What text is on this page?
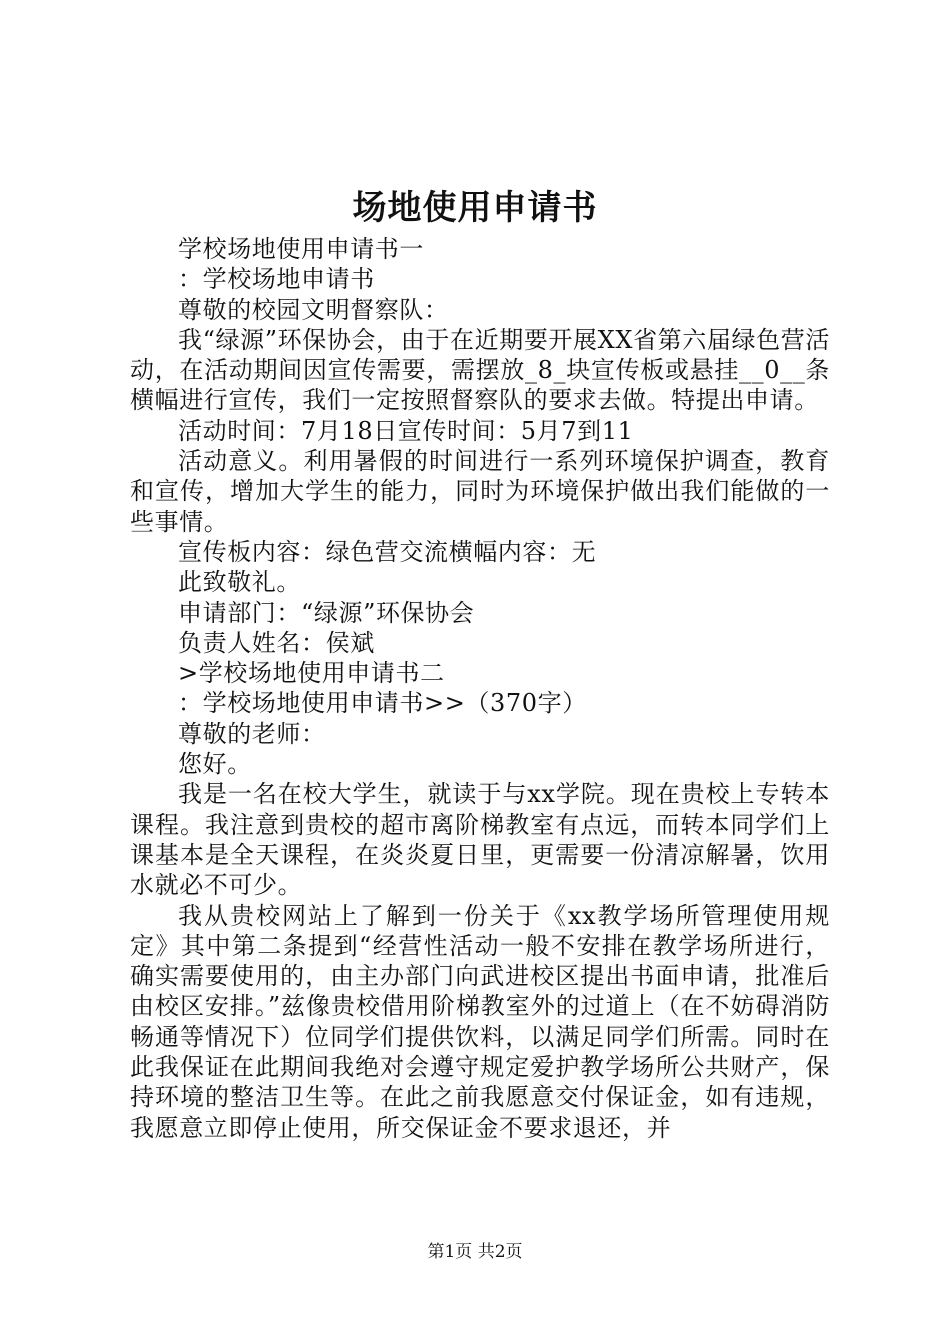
场地使用申请书

学校场地使用申请书一

：学校场地申请书

尊敬的校园文明督察队：

我“绿源”环保协会，由于在近期要开展XX省第六届绿色营活动，在活动期间因宣传需要，需摆放_8_块宣传板或悬挂__0__条横幅进行宣传，我们一定按照督察队的要求去做。特提出申请。

活动时间：7月18日宣传时间：5月7到11

活动意义。利用暑假的时间进行一系列环境保护调查，教育和宣传，增加大学生的能力，同时为环境保护做出我们能做的一些事情。

宣传板内容：绿色营交流横幅内容：无

此致敬礼。

申请部门：“绿源”环保协会

负责人姓名：侯斌

>学校场地使用申请书二

：学校场地使用申请书>>（370字）

尊敬的老师：

您好。

我是一名在校大学生，就读于与xx学院。现在贵校上专转本课程。我注意到贵校的超市离阶梯教室有点远，而转本同学们上课基本是全天课程，在炎炎夏日里，更需要一份清凉解暑，饮用水就必不可少。

我从贵校网站上了解到一份关于《xx教学场所管理使用规定》其中第二条提到“经营性活动一般不安排在教学场所进行，确实需要使用的，由主办部门向武进校区提出书面申请，批准后由校区安排。”兹像贵校借用阶梯教室外的过道上（在不妨碍消防畅通等情况下）位同学们提供饮料，以满足同学们所需。同时在此我保证在此期间我绝对会遵守规定爱护教学场所公共财产，保持环境的整洁卫生等。在此之前我愿意交付保证金，如有违规，我愿意立即停止使用，所交保证金不要求退还，并

第1页 共2页
